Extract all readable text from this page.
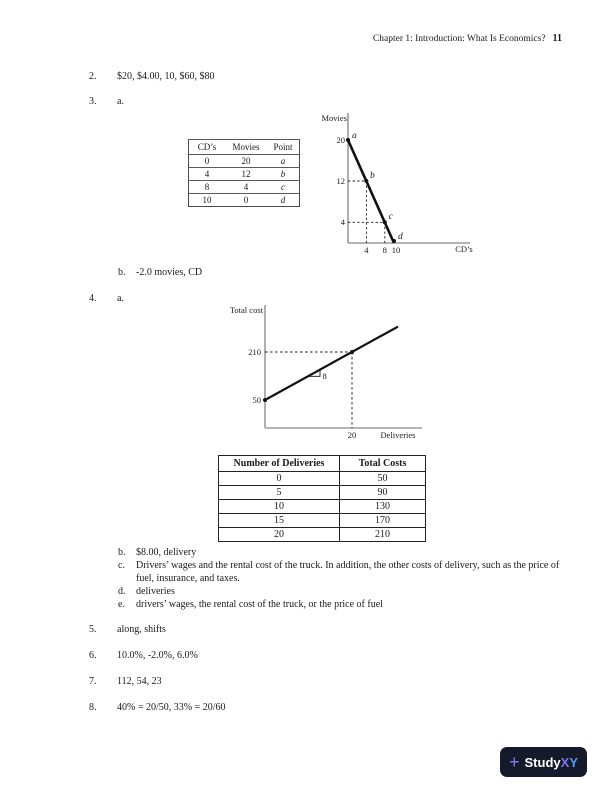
Chapter 1: Introduction: What Is Economics? 11
2. $20, $4.00, 10, $60, $80
3. a.
CD’s	Movies	Point
0	20	a
4	12	b
8	4	c
10	0	d
Movies
CD’s
20
12
4
4 8 10
a
b
c
d
b. -2.0 movies, CD
4. a.
8
Total cost
Deliveries
210
50
20
Number of Deliveries	Total Costs
0	50
5	90
10	130
15	170
20	210
b. $8.00, delivery
c. Drivers’ wages and the rental cost of the truck. In addition, the other costs of delivery, such as the price of fuel, insurance, and taxes.
d. deliveries
e. drivers’ wages, the rental cost of the truck, or the price of fuel
5. along, shifts
6. 10.0%, -2.0%, 6.0%
7. 112, 54, 23
8. 40% = 20/50, 33% = 20/60
+ Study X Y
